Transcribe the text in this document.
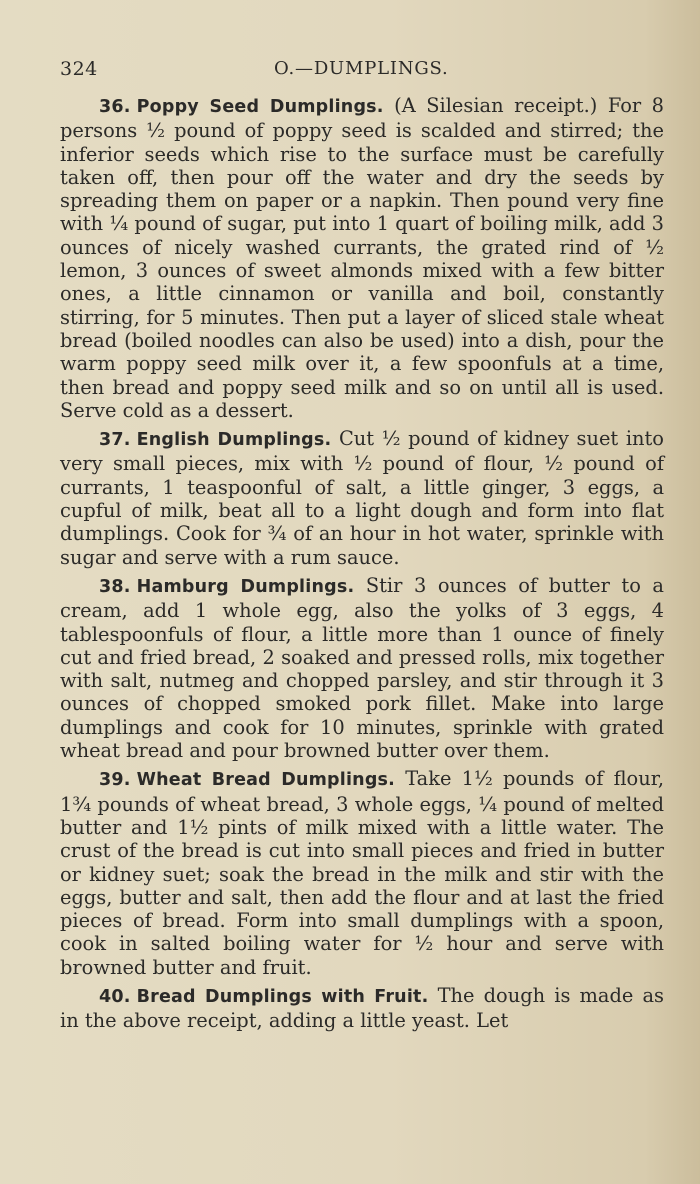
324	O.—DUMPLINGS.

36. Poppy Seed Dumplings. (A Silesian receipt.) For 8 persons ½ pound of poppy seed is scalded and stirred; the inferior seeds which rise to the surface must be carefully taken off, then pour off the water and dry the seeds by spreading them on paper or a napkin. Then pound very fine with ¼ pound of sugar, put into 1 quart of boiling milk, add 3 ounces of nicely washed currants, the grated rind of ½ lemon, 3 ounces of sweet almonds mixed with a few bitter ones, a little cinnamon or vanilla and boil, constantly stirring, for 5 minutes. Then put a layer of sliced stale wheat bread (boiled noodles can also be used) into a dish, pour the warm poppy seed milk over it, a few spoonfuls at a time, then bread and poppy seed milk and so on until all is used. Serve cold as a dessert.

37. English Dumplings. Cut ½ pound of kidney suet into very small pieces, mix with ½ pound of flour, ½ pound of currants, 1 teaspoonful of salt, a little ginger, 3 eggs, a cupful of milk, beat all to a light dough and form into flat dumplings. Cook for ¾ of an hour in hot water, sprinkle with sugar and serve with a rum sauce.

38. Hamburg Dumplings. Stir 3 ounces of butter to a cream, add 1 whole egg, also the yolks of 3 eggs, 4 tablespoonfuls of flour, a little more than 1 ounce of finely cut and fried bread, 2 soaked and pressed rolls, mix together with salt, nutmeg and chopped parsley, and stir through it 3 ounces of chopped smoked pork fillet. Make into large dumplings and cook for 10 minutes, sprinkle with grated wheat bread and pour browned butter over them.

39. Wheat Bread Dumplings. Take 1½ pounds of flour, 1¾ pounds of wheat bread, 3 whole eggs, ¼ pound of melted butter and 1½ pints of milk mixed with a little water. The crust of the bread is cut into small pieces and fried in butter or kidney suet; soak the bread in the milk and stir with the eggs, butter and salt, then add the flour and at last the fried pieces of bread. Form into small dumplings with a spoon, cook in salted boiling water for ½ hour and serve with browned butter and fruit.

40. Bread Dumplings with Fruit. The dough is made as in the above receipt, adding a little yeast. Let
